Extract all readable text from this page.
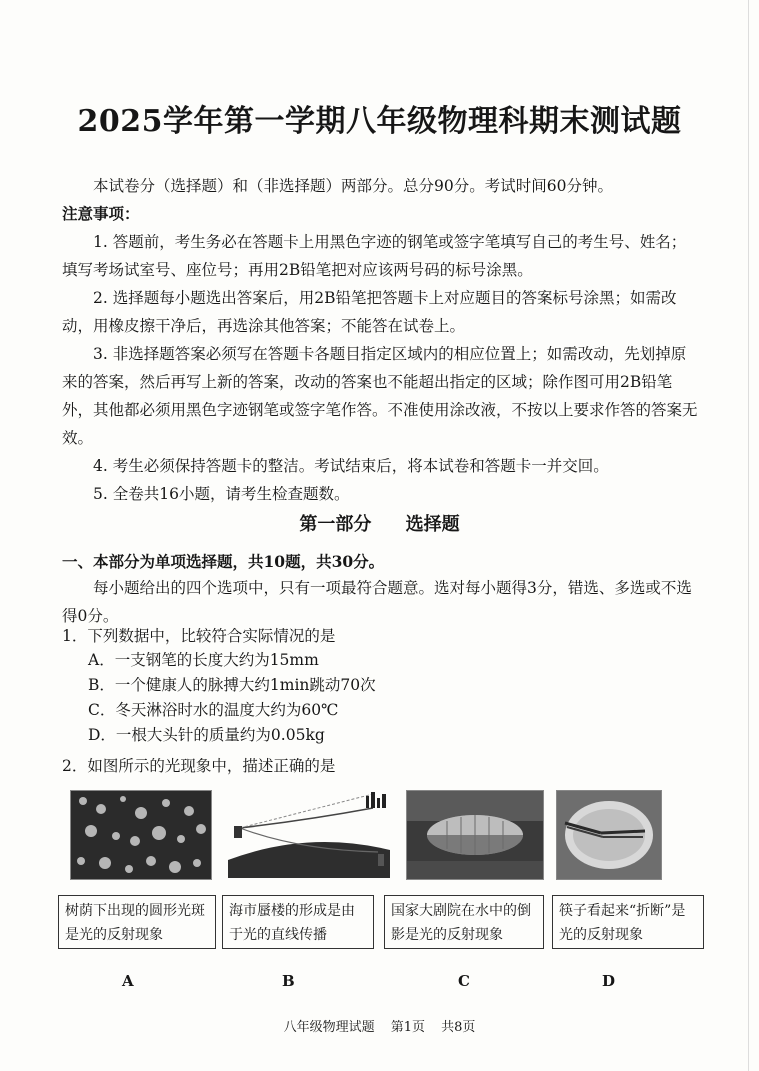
2025学年第一学期八年级物理科期末测试题
本试卷分（选择题）和（非选择题）两部分。总分90分。考试时间60分钟。
注意事项：
1. 答题前，考生务必在答题卡上用黑色字迹的钢笔或签字笔填写自己的考生号、姓名；填写考场试室号、座位号；再用2B铅笔把对应该两号码的标号涂黑。
2. 选择题每小题选出答案后，用2B铅笔把答题卡上对应题目的答案标号涂黑；如需改动，用橡皮擦干净后，再选涂其他答案；不能答在试卷上。
3. 非选择题答案必须写在答题卡各题目指定区域内的相应位置上；如需改动，先划掉原来的答案，然后再写上新的答案，改动的答案也不能超出指定的区域；除作图可用2B铅笔外，其他都必须用黑色字迹钢笔或签字笔作答。不准使用涂改液，不按以上要求作答的答案无效。
4. 考生必须保持答题卡的整洁。考试结束后，将本试卷和答题卡一并交回。
5. 全卷共16小题，请考生检查题数。
第一部分 选择题
一、本部分为单项选择题，共10题，共30分。
每小题给出的四个选项中，只有一项最符合题意。选对每小题得3分，错选、多选或不选得0分。
1．下列数据中，比较符合实际情况的是
A．一支钢笔的长度大约为15mm
B．一个健康人的脉搏大约1min跳动70次
C．冬天淋浴时水的温度大约为60℃
D．一根大头针的质量约为0.05kg
2．如图所示的光现象中，描述正确的是
树荫下出现的圆形光斑是光的反射现象
海市蜃楼的形成是由于光的直线传播
国家大剧院在水中的倒影是光的反射现象
筷子看起来“折断”是光的反射现象
A	B	C	D
八年级物理试题 第1页 共8页
